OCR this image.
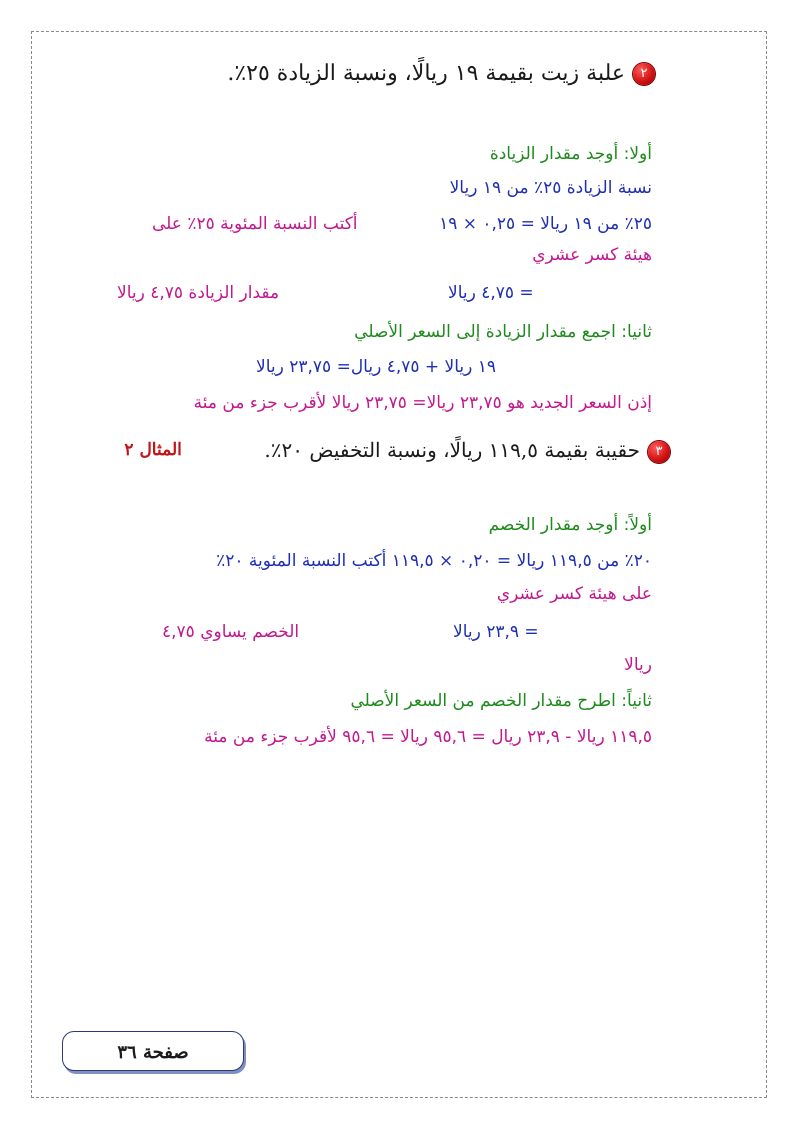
٢علبة زيت بقيمة ١٩ ريالًا، ونسبة الزيادة ٢٥٪.
أولا: أوجد مقدار الزيادة
نسبة الزيادة ٢٥٪ من ١٩ ريالا
٢٥٪ من ١٩ ريالا = ٠,٢٥ × ١٩
أكتب النسبة المئوية ٢٥٪ على
هيئة كسر عشري
= ٤,٧٥ ريالا
مقدار الزيادة ٤,٧٥ ريالا
ثانيا: اجمع مقدار الزيادة إلى السعر الأصلي
١٩ ريالا + ٤,٧٥ ريال= ٢٣,٧٥ ريالا
إذن السعر الجديد هو ٢٣,٧٥ ريالا= ٢٣,٧٥ ريالا لأقرب جزء من مئة
المثال ٢	٣حقيبة بقيمة ١١٩,٥ ريالًا، ونسبة التخفيض ٢٠٪.
أولاً: أوجد مقدار الخصم
٢٠٪ من ١١٩,٥ ريالا = ٠,٢٠ × ١١٩,٥ أكتب النسبة المئوية ٢٠٪
على هيئة كسر عشري
= ٢٣,٩ ريالا
الخصم يساوي ٤,٧٥
ريالا
ثانياً: اطرح مقدار الخصم من السعر الأصلي
١١٩,٥ ريالا - ٢٣,٩ ريال = ٩٥,٦ ريالا = ٩٥,٦ لأقرب جزء من مئة
صفحة ٣٦
